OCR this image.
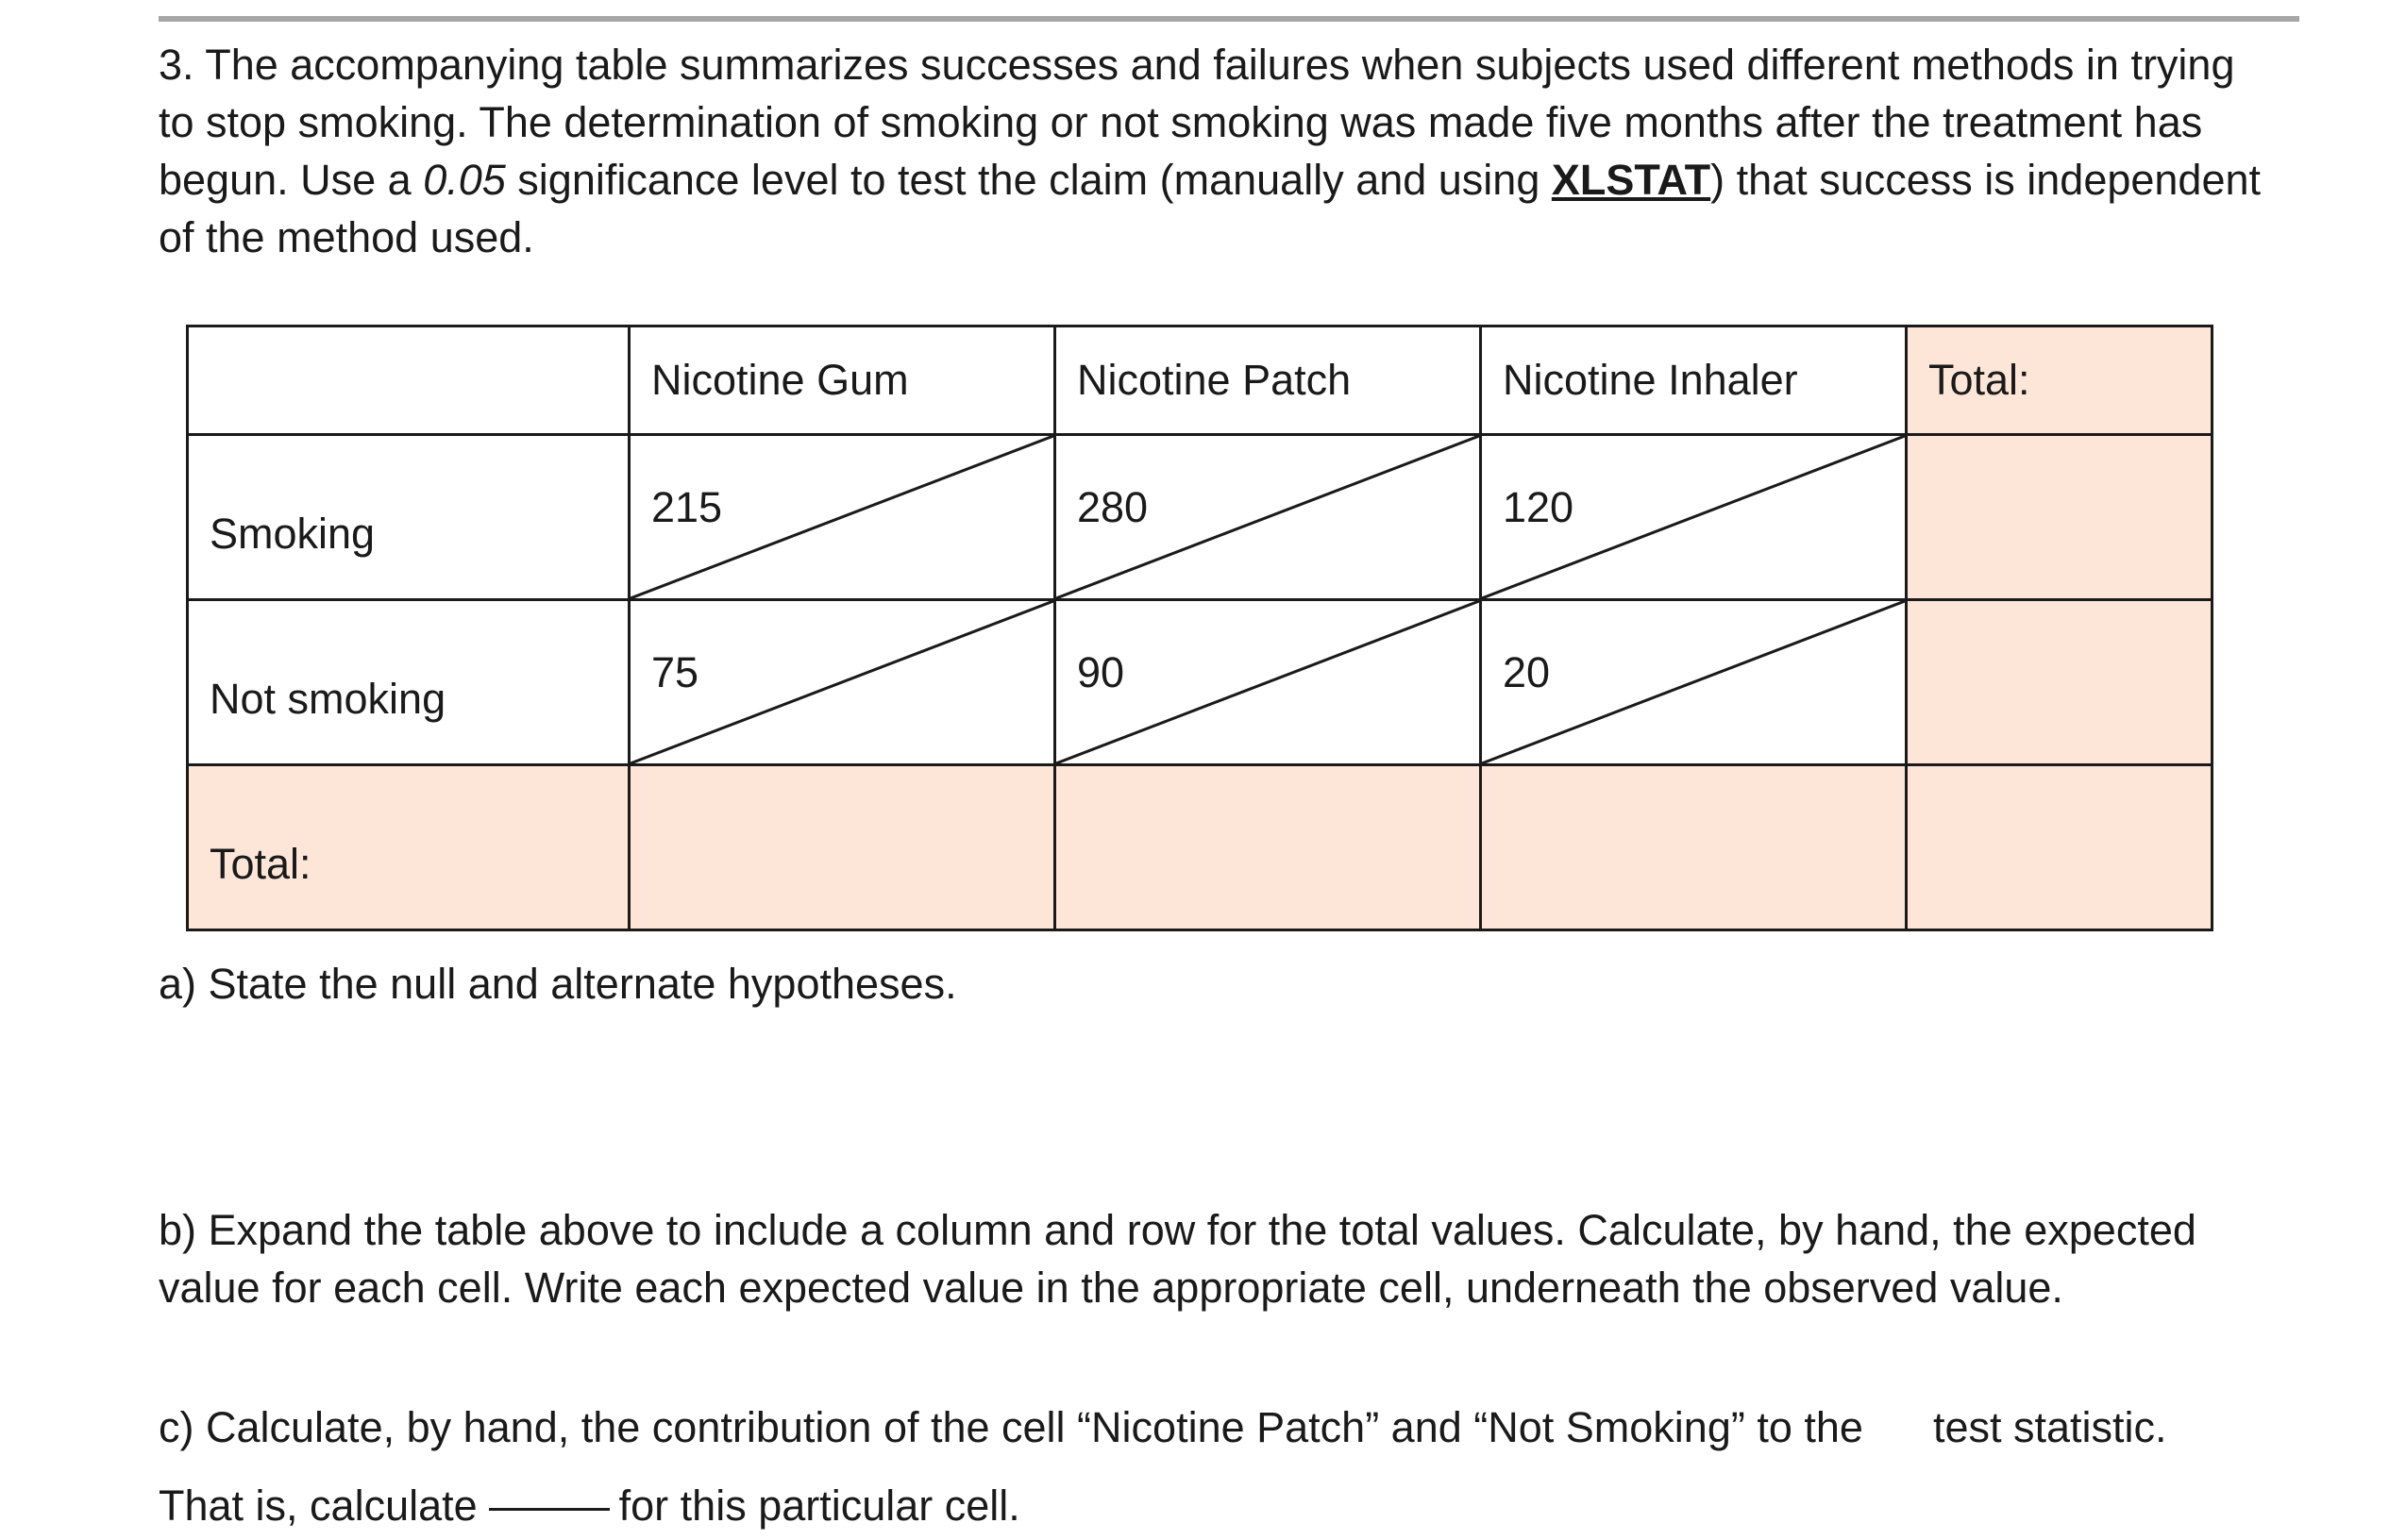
3. The accompanying table summarizes successes and failures when subjects used different methods in trying
to stop smoking. The determination of smoking or not smoking was made five months after the treatment has
begun. Use a 0.05 significance level to test the claim (manually and using XLSTAT) that success is independent
of the method used.

	Nicotine Gum	Nicotine Patch	Nicotine Inhaler	Total:

Smoking	215	280	120	

Not smoking	75	90	20	

Total:				

a) State the null and alternate hypotheses.
b) Expand the table above to include a column and row for the total values. Calculate, by hand, the expected
value for each cell. Write each expected value in the appropriate cell, underneath the observed value.
c) Calculate, by hand, the contribution of the cell “Nicotine Patch” and “Not Smoking” to the test statistic.
That is, calculate	for this particular cell.
